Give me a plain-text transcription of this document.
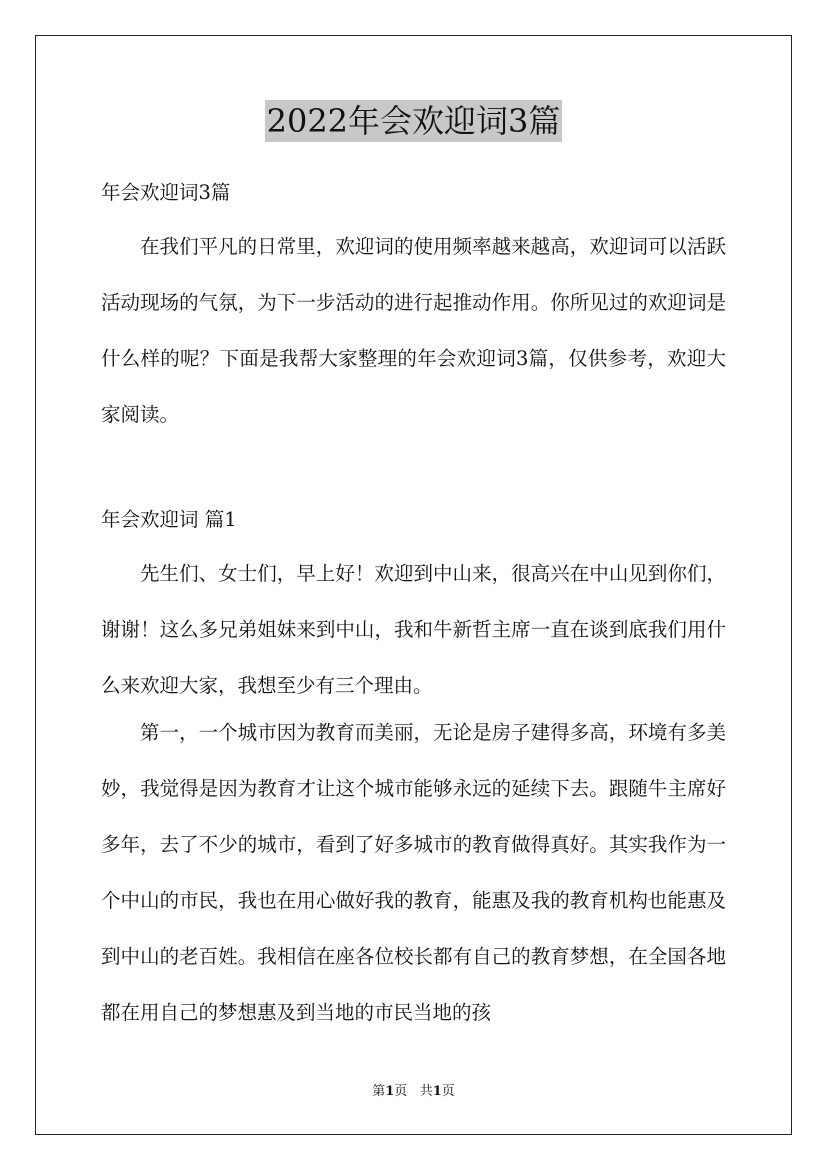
2022年会欢迎词3篇
年会欢迎词3篇
在我们平凡的日常里，欢迎词的使用频率越来越高，欢迎词可以活跃活动现场的气氛，为下一步活动的进行起推动作用。你所见过的欢迎词是什么样的呢？下面是我帮大家整理的年会欢迎词3篇，仅供参考，欢迎大家阅读。
年会欢迎词 篇1
先生们、女士们，早上好！欢迎到中山来，很高兴在中山见到你们，谢谢！这么多兄弟姐妹来到中山，我和牛新哲主席一直在谈到底我们用什么来欢迎大家，我想至少有三个理由。
第一，一个城市因为教育而美丽，无论是房子建得多高，环境有多美妙，我觉得是因为教育才让这个城市能够永远的延续下去。跟随牛主席好多年，去了不少的城市，看到了好多城市的教育做得真好。其实我作为一个中山的市民，我也在用心做好我的教育，能惠及我的教育机构也能惠及到中山的老百姓。我相信在座各位校长都有自己的教育梦想，在全国各地都在用自己的梦想惠及到当地的市民当地的孩
第1页 共1页
